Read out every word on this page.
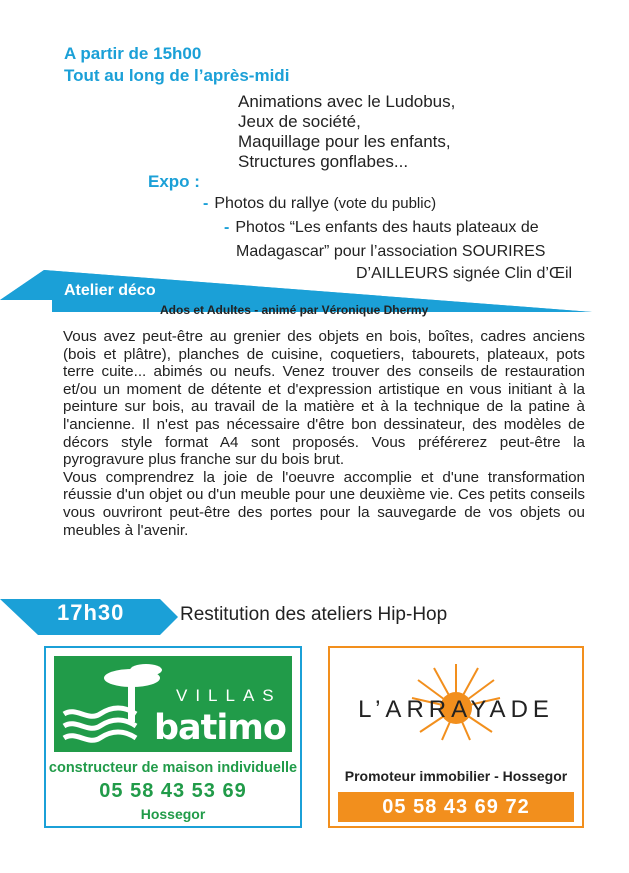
A partir de 15h00
Tout au long de l’après-midi
Animations avec le Ludobus,
Jeux de société,
Maquillage pour les enfants,
Structures gonflabes...
Expo :
- Photos du rallye (vote du public)
- Photos “Les enfants des hauts plateaux de
Madagascar” pour l’association SOURIRES
D’AILLEURS signée Clin d’Œil
Atelier déco
Ados et Adultes - animé par Véronique Dhermy

Vous avez peut-être au grenier des objets en bois, boîtes, cadres anciens (bois et plâtre), planches de cuisine, coquetiers, tabourets, plateaux, pots terre cuite... abimés ou neufs. Venez trouver des conseils de restauration et/ou un moment de détente et d'expression artistique en vous initiant à la peinture sur bois, au travail de la matière et à la technique de la patine à l'ancienne. Il n'est pas nécessaire d'être bon dessinateur, des modèles de décors style format A4 sont proposés. Vous préférerez peut-être la pyrogravure plus franche sur du bois brut.

Vous comprendrez la joie de l'oeuvre accomplie et d'une transformation réussie d'un objet ou d'un meuble pour une deuxième vie. Ces petits conseils vous ouvriront peut-être des portes pour la sauvegarde de vos objets ou meubles à l'avenir.

17h30	Restitution des ateliers Hip-Hop
VILLAS
batimo
constructeur de maison individuelle
05 58 43 53 69
Hossegor
L’ARRAYADE
Promoteur immobilier - Hossegor
05 58 43 69 72
